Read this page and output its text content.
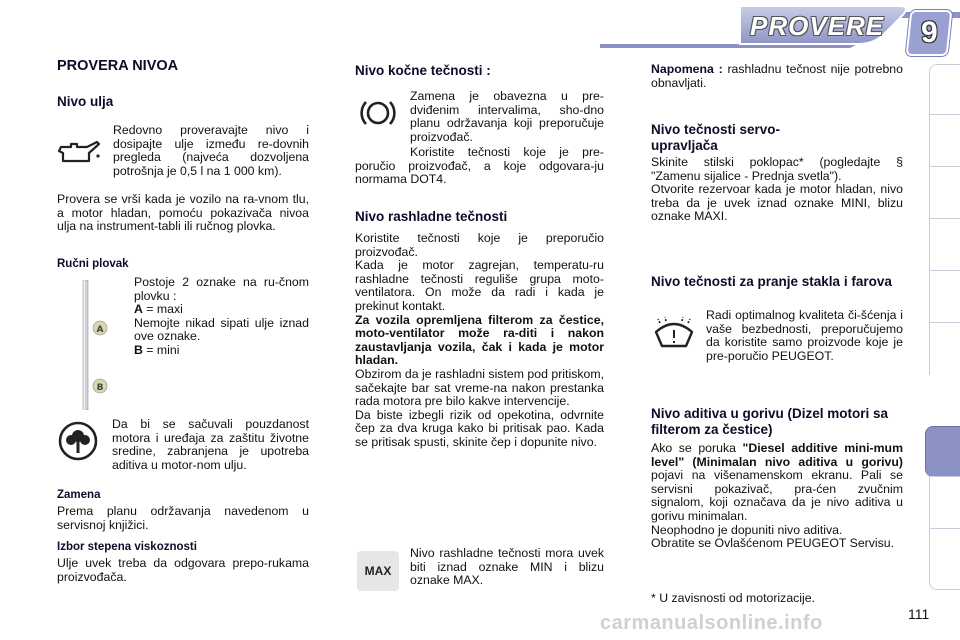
PROVERE 9
PROVERA NIVOA
Nivo ulja
Redovno proveravajte nivo i dosipajte ulje između re-dovnih pregleda (najveća dozvoljena potrošnja je 0,5 l na 1 000 km).
Provera se vrši kada je vozilo na ra-vnom tlu, a motor hladan, pomoću pokazivača nivoa ulja na instrument-tabli ili ručnog plovka.
Ručni plovak
A
B

Postoje 2 oznake na ru-čnom plovku :

A = maxi

Nemojte nikad sipati ulje iznad ove oznake.

B = mini

Da bi se sačuvali pouzdanost motora i uređaja za zaštitu životne sredine, zabranjena je upotreba aditiva u motor-nom ulju.
Zamena
Prema planu održavanja navedenom u servisnoj knjižici.
Izbor stepena viskoznosti
Ulje uvek treba da odgovara prepo-rukama proizvođača.
Nivo kočne tečnosti :
Zamena je obavezna u pre-dviđenim intervalima, sho-dno planu održavanja koji preporučuje proizvođač.
Koristite tečnosti koje je pre-poručio proizvođač, a koje odgovara-ju normama DOT4.
Nivo rashladne tečnosti

Koristite tečnosti koje je preporučio proizvođač.

Kada je motor zagrejan, temperatu-ru rashladne tečnosti reguliše grupa moto-ventilatora. On može da radi i kada je prekinut kontakt.

Za vozila opremljena filterom za čestice, moto-ventilator može ra-diti i nakon zaustavljanja vozila, čak i kada je motor hladan.

Obzirom da je rashladni sistem pod pritiskom, sačekajte bar sat vreme-na nakon prestanka rada motora pre bilo kakve intervencije.

Da biste izbegli rizik od opekotina, odvrnite čep za dva kruga kako bi pritisak pao. Kada se pritisak spusti, skinite čep i dopunite nivo.

MAX
Nivo rashladne tečnosti mora uvek biti iznad oznake MIN i blizu oznake MAX.
Napomena : rashladnu tečnost nije potrebno obnavljati.
Nivo tečnosti servo-upravljača

Skinite stilski poklopac* (pogledajte § "Zamenu sijalice - Prednja svetla").

Otvorite rezervoar kada je motor hladan, nivo treba da je uvek iznad oznake MINI, blizu oznake MAXI.

Nivo tečnosti za pranje stakla i farova
Radi optimalnog kvaliteta či-šćenja i vaše bezbednosti, preporučujemo da koristite samo proizvode koje je pre-poručio PEUGEOT.
Nivo aditiva u gorivu (Dizel motori sa filterom za čestice)

Ako se poruka "Diesel additive mini-mum level" (Minimalan nivo aditiva u gorivu) pojavi na višenamenskom ekranu. Pali se servisni pokazivač, pra-ćen zvučnim signalom, koji označava da je nivo aditiva u gorivu minimalan.

Neophodno je dopuniti nivo aditiva.

Obratite se Ovlašćenom PEUGEOT Servisu.

* U zavisnosti od motorizacije.
111
carmanualsonline.info
